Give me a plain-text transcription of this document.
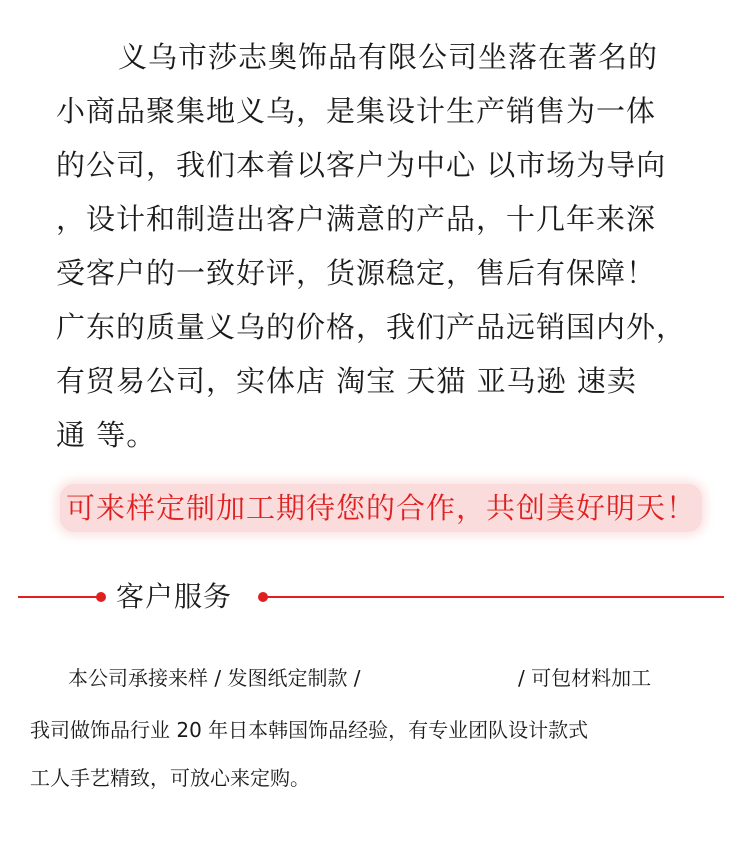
义乌市莎志奥饰品有限公司坐落在著名的
小商品聚集地义乌，是集设计生产销售为一体
的公司，我们本着以客户为中心 以市场为导向
，设计和制造出客户满意的产品，十几年来深
受客户的一致好评，货源稳定，售后有保障！
广东的质量义乌的价格，我们产品远销国内外，
有贸易公司，实体店 淘宝 天猫 亚马逊 速卖
通 等。
可来样定制加工期待您的合作，共创美好明天！
客户服务
本公司承接来样 / 发图纸定制款 /	/ 可包材料加工
我司做饰品行业 20 年日本韩国饰品经验，有专业团队设计款式
工人手艺精致，可放心来定购。
